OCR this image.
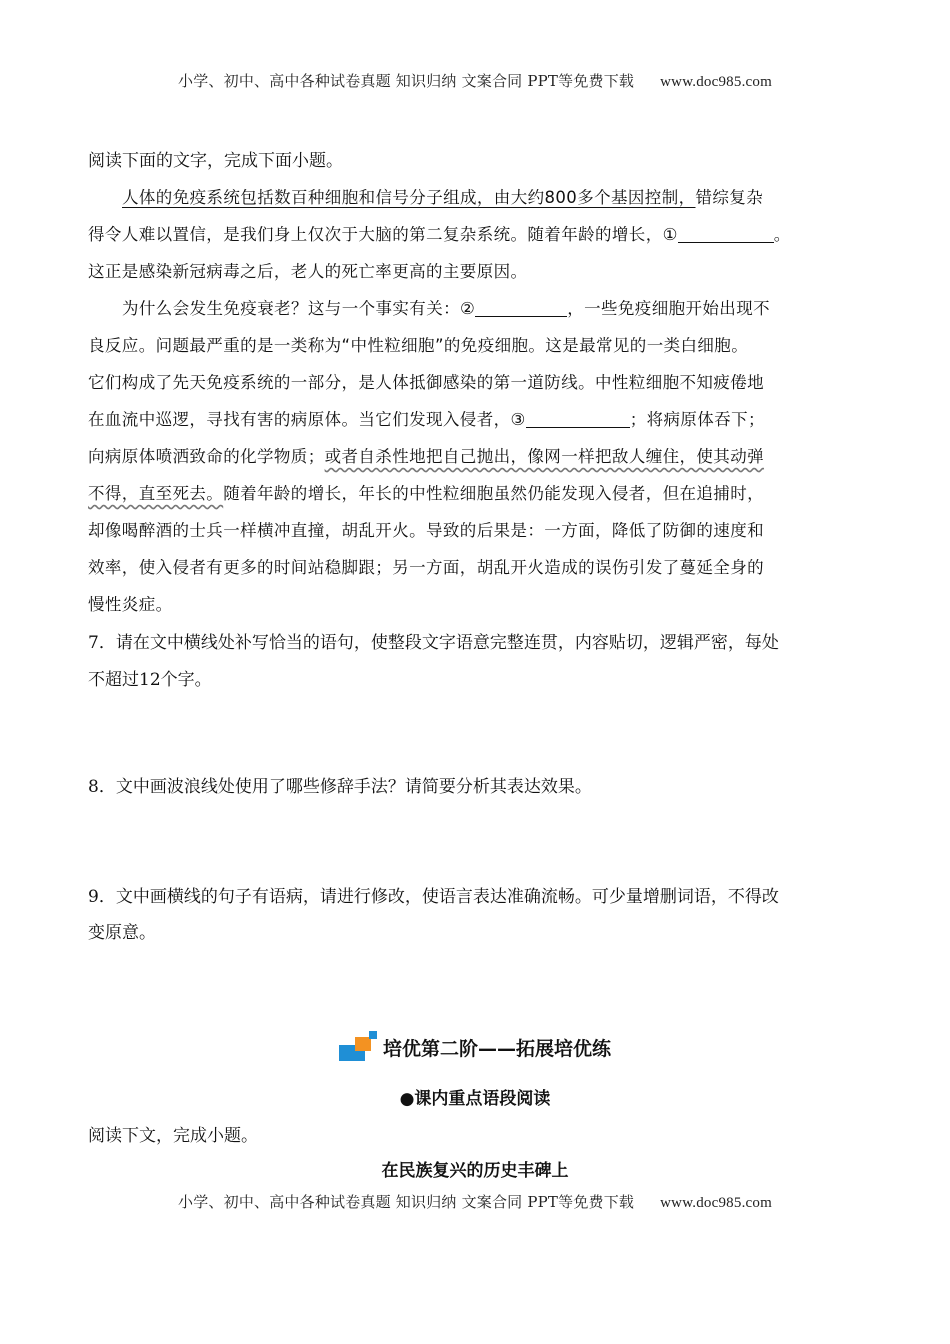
小学、初中、高中各种试卷真题 知识归纳 文案合同 PPT等免费下载 www.doc985.com
阅读下面的文字，完成下面小题。
人体的免疫系统包括数百种细胞和信号分子组成，由大约800多个基因控制，错综复杂
得令人难以置信，是我们身上仅次于大脑的第二复杂系统。随着年龄的增长，①	。
这正是感染新冠病毒之后，老人的死亡率更高的主要原因。
为什么会发生免疫衰老？这与一个事实有关：②	，一些免疫细胞开始出现不
良反应。问题最严重的是一类称为“中性粒细胞”的免疫细胞。这是最常见的一类白细胞。
它们构成了先天免疫系统的一部分，是人体抵御感染的第一道防线。中性粒细胞不知疲倦地
在血流中巡逻，寻找有害的病原体。当它们发现入侵者，③	；将病原体吞下；
向病原体喷洒致命的化学物质；或者自杀性地把自己抛出，像网一样把敌人缠住，使其动弹
不得，直至死去。随着年龄的增长，年长的中性粒细胞虽然仍能发现入侵者，但在追捕时，
却像喝醉酒的士兵一样横冲直撞，胡乱开火。导致的后果是：一方面，降低了防御的速度和
效率，使入侵者有更多的时间站稳脚跟；另一方面，胡乱开火造成的误伤引发了蔓延全身的
慢性炎症。
7．请在文中横线处补写恰当的语句，使整段文字语意完整连贯，内容贴切，逻辑严密，每处
不超过12个字。
8．文中画波浪线处使用了哪些修辞手法？请简要分析其表达效果。
9．文中画横线的句子有语病，请进行修改，使语言表达准确流畅。可少量增删词语，不得改
变原意。
阅读下文，完成小题。
培优第二阶——拓展培优练
●课内重点语段阅读
在民族复兴的历史丰碑上
小学、初中、高中各种试卷真题 知识归纳 文案合同 PPT等免费下载 www.doc985.com
